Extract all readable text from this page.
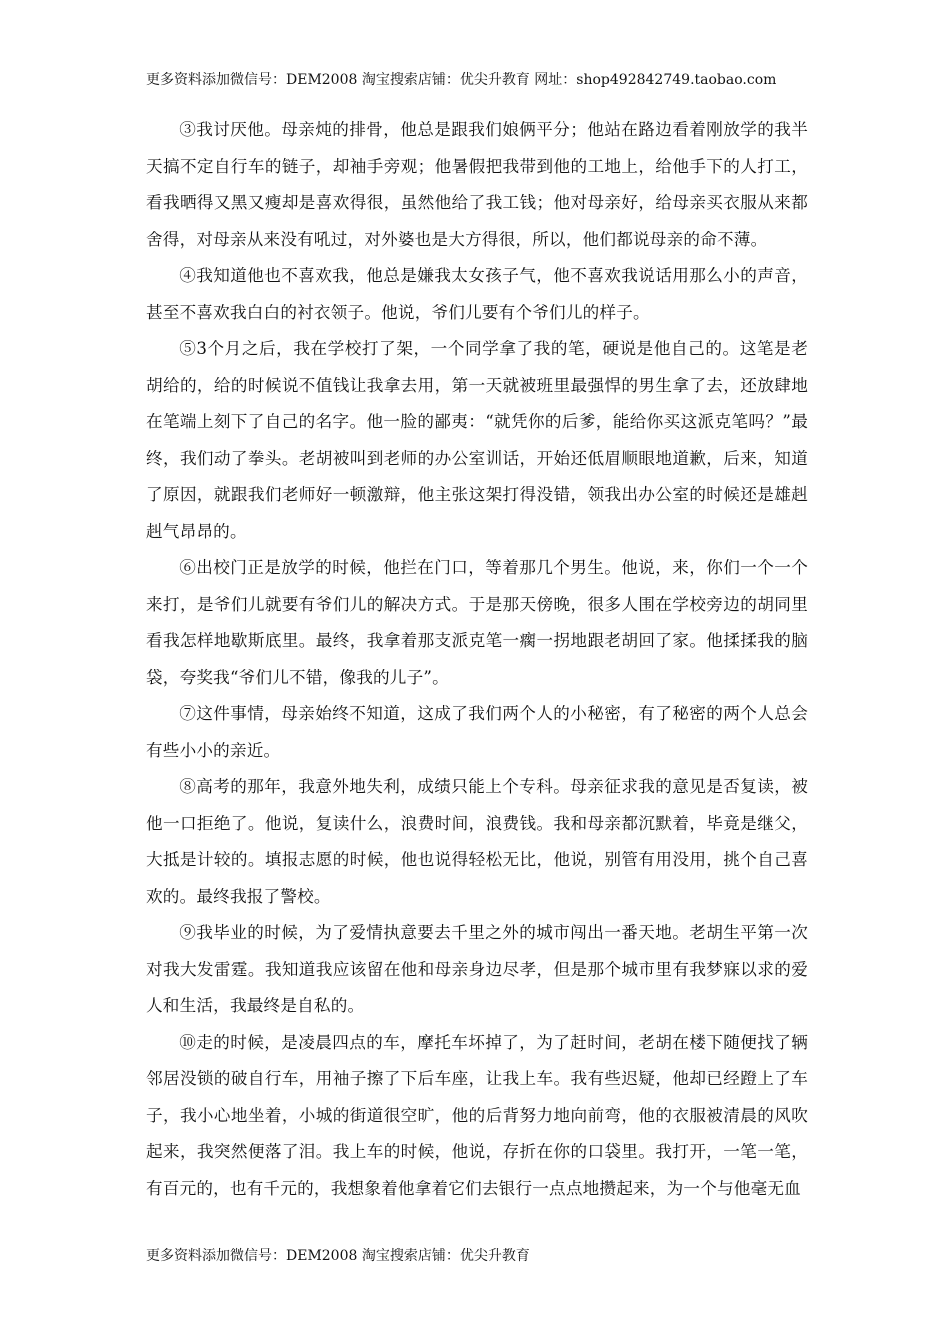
更多资料添加微信号：DEM2008 淘宝搜索店铺：优尖升教育 网址：shop492842749.taobao.com

③我讨厌他。母亲炖的排骨，他总是跟我们娘俩平分；他站在路边看着刚放学的我半天搞不定自行车的链子，却袖手旁观；他暑假把我带到他的工地上，给他手下的人打工，看我晒得又黑又瘦却是喜欢得很，虽然他给了我工钱；他对母亲好，给母亲买衣服从来都舍得，对母亲从来没有吼过，对外婆也是大方得很，所以，他们都说母亲的命不薄。

④我知道他也不喜欢我，他总是嫌我太女孩子气，他不喜欢我说话用那么小的声音，甚至不喜欢我白白的衬衣领子。他说，爷们儿要有个爷们儿的样子。

⑤3个月之后，我在学校打了架，一个同学拿了我的笔，硬说是他自己的。这笔是老胡给的，给的时候说不值钱让我拿去用，第一天就被班里最强悍的男生拿了去，还放肆地在笔端上刻下了自己的名字。他一脸的鄙夷：“就凭你的后爹，能给你买这派克笔吗？”最终，我们动了拳头。老胡被叫到老师的办公室训话，开始还低眉顺眼地道歉，后来，知道了原因，就跟我们老师好一顿激辩，他主张这架打得没错，领我出办公室的时候还是雄赳赳气昂昂的。

⑥出校门正是放学的时候，他拦在门口，等着那几个男生。他说，来，你们一个一个来打，是爷们儿就要有爷们儿的解决方式。于是那天傍晚，很多人围在学校旁边的胡同里看我怎样地歇斯底里。最终，我拿着那支派克笔一瘸一拐地跟老胡回了家。他揉揉我的脑袋，夸奖我“爷们儿不错，像我的儿子”。

⑦这件事情，母亲始终不知道，这成了我们两个人的小秘密，有了秘密的两个人总会有些小小的亲近。

⑧高考的那年，我意外地失利，成绩只能上个专科。母亲征求我的意见是否复读，被他一口拒绝了。他说，复读什么，浪费时间，浪费钱。我和母亲都沉默着，毕竟是继父，大抵是计较的。填报志愿的时候，他也说得轻松无比，他说，别管有用没用，挑个自己喜欢的。最终我报了警校。

⑨我毕业的时候，为了爱情执意要去千里之外的城市闯出一番天地。老胡生平第一次对我大发雷霆。我知道我应该留在他和母亲身边尽孝，但是那个城市里有我梦寐以求的爱人和生活，我最终是自私的。

⑩走的时候，是凌晨四点的车，摩托车坏掉了，为了赶时间，老胡在楼下随便找了辆邻居没锁的破自行车，用袖子擦了下后车座，让我上车。我有些迟疑，他却已经蹬上了车子，我小心地坐着，小城的街道很空旷，他的后背努力地向前弯，他的衣服被清晨的风吹起来，我突然便落了泪。我上车的时候，他说，存折在你的口袋里。我打开，一笔一笔，有百元的，也有千元的，我想象着他拿着它们去银行一点点地攒起来，为一个与他毫无血

更多资料添加微信号：DEM2008 淘宝搜索店铺：优尖升教育
